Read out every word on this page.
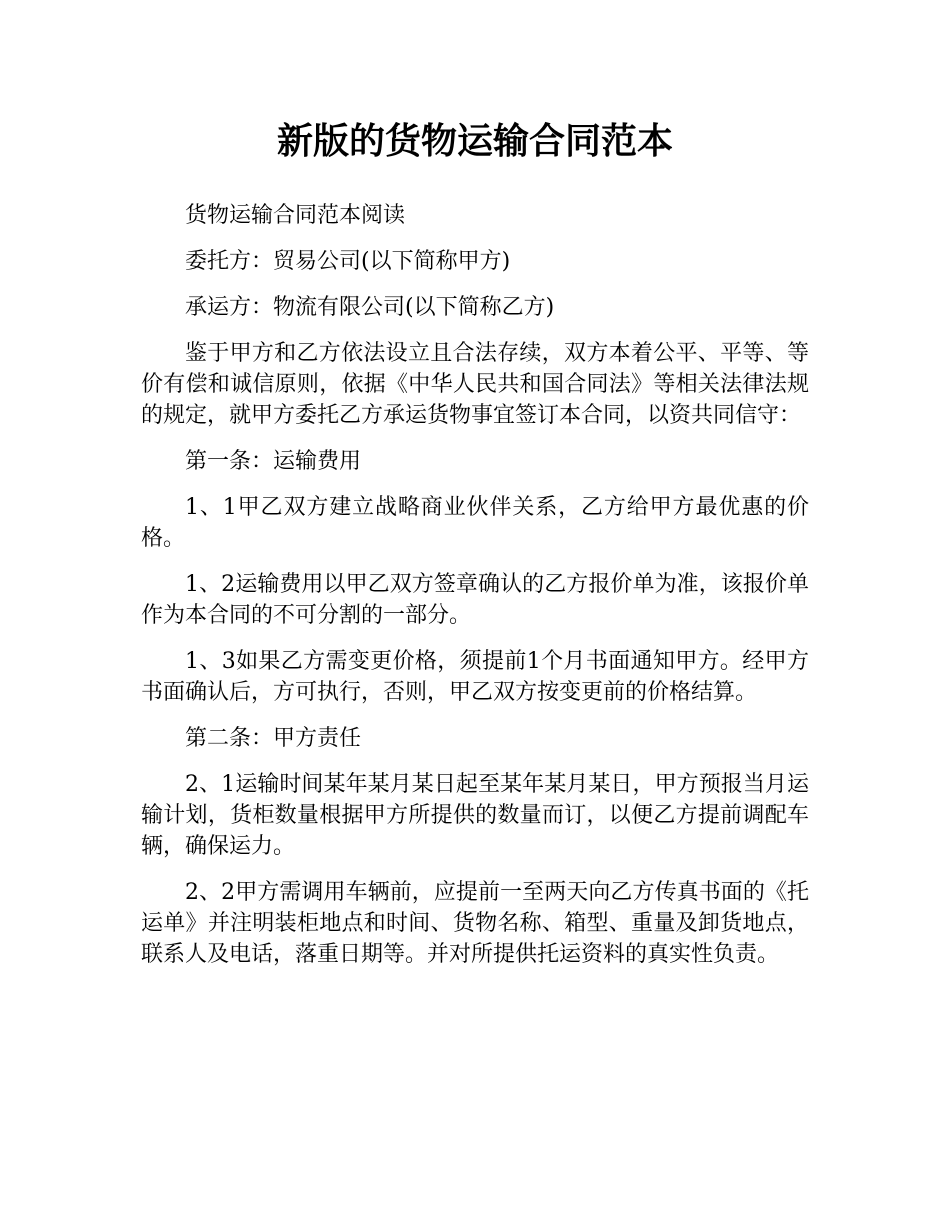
新版的货物运输合同范本

货物运输合同范本阅读

委托方：贸易公司(以下简称甲方)

承运方：物流有限公司(以下简称乙方)

鉴于甲方和乙方依法设立且合法存续，双方本着公平、平等、等价有偿和诚信原则，依据《中华人民共和国合同法》等相关法律法规的规定，就甲方委托乙方承运货物事宜签订本合同，以资共同信守：

第一条：运输费用

1、1甲乙双方建立战略商业伙伴关系，乙方给甲方最优惠的价格。

1、2运输费用以甲乙双方签章确认的乙方报价单为准，该报价单作为本合同的不可分割的一部分。

1、3如果乙方需变更价格，须提前1个月书面通知甲方。经甲方书面确认后，方可执行，否则，甲乙双方按变更前的价格结算。

第二条：甲方责任

2、1运输时间某年某月某日起至某年某月某日，甲方预报当月运输计划，货柜数量根据甲方所提供的数量而订，以便乙方提前调配车辆，确保运力。

2、2甲方需调用车辆前，应提前一至两天向乙方传真书面的《托运单》并注明装柜地点和时间、货物名称、箱型、重量及卸货地点，联系人及电话，落重日期等。并对所提供托运资料的真实性负责。
